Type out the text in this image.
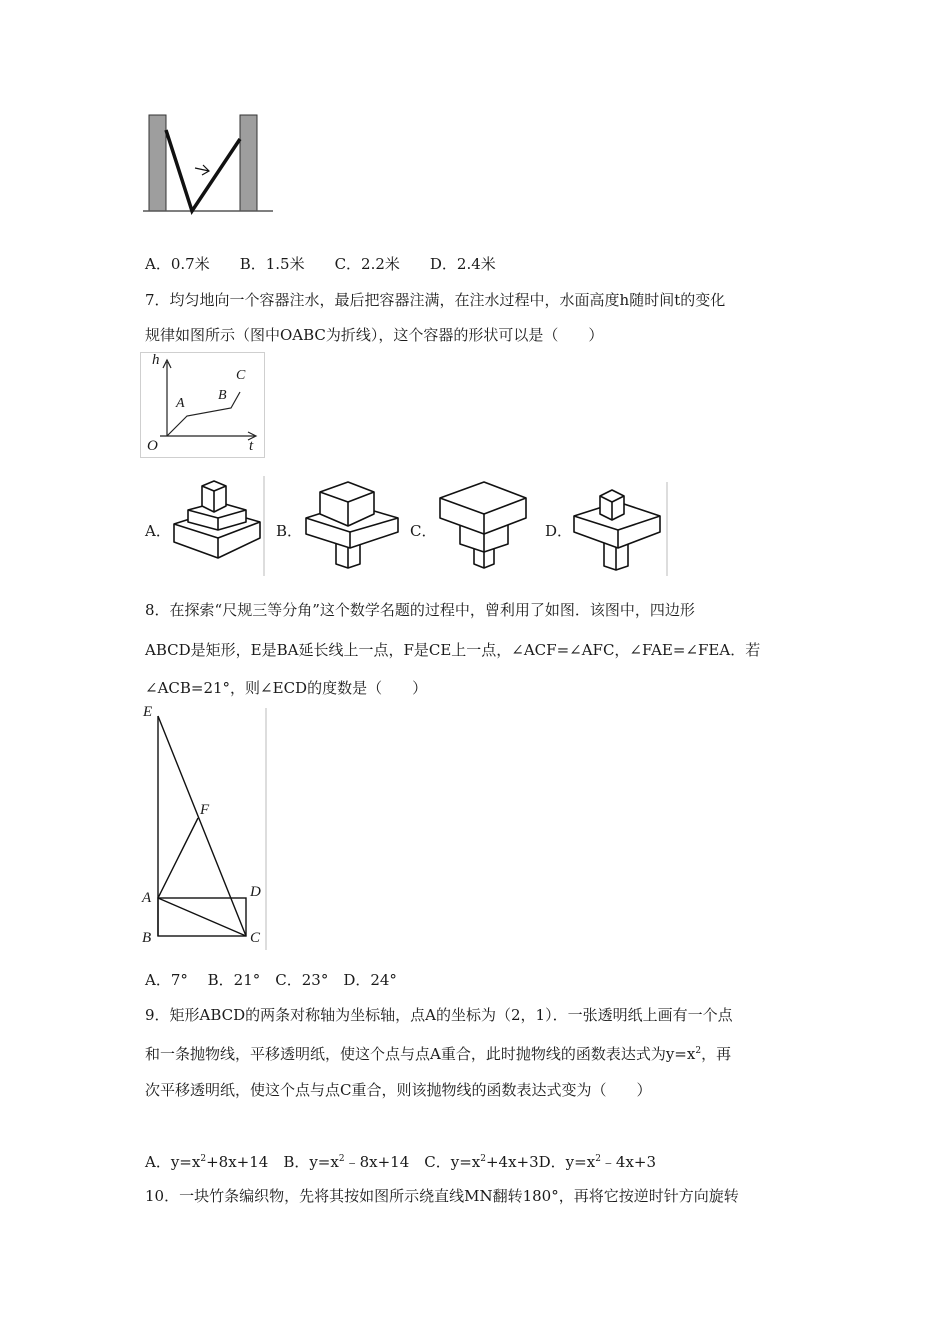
A．0.7米　　B．1.5米　　C．2.2米　　D．2.4米
7．均匀地向一个容器注水，最后把容器注满，在注水过程中，水面高度h随时间t的变化
规律如图所示（图中OABC为折线），这个容器的形状可以是（　　）
h
t
O
A
B
C
A．	B．	C．	D．
8．在探索“尺规三等分角”这个数学名题的过程中，曾利用了如图．该图中，四边形
ABCD是矩形，E是BA延长线上一点，F是CE上一点，∠ACF=∠AFC，∠FAE=∠FEA．若
∠ACB=21°，则∠ECD的度数是（　　）
E
F
A	D
B	C
A．7°　 B．21°　C．23°　D．24°
9．矩形ABCD的两条对称轴为坐标轴，点A的坐标为（2，1）．一张透明纸上画有一个点
和一条抛物线，平移透明纸，使这个点与点A重合，此时抛物线的函数表达式为$y=x^2$，再
次平移透明纸，使这个点与点C重合，则该抛物线的函数表达式变为（　　）
A．$y=x^2+8x+14$　B．$y=x^2﹣8x+14$　C．$y=x^2+4x+3D$．$y=x^2﹣4x+3$
10．一块竹条编织物，先将其按如图所示绕直线MN翻转180°，再将它按逆时针方向旋转
